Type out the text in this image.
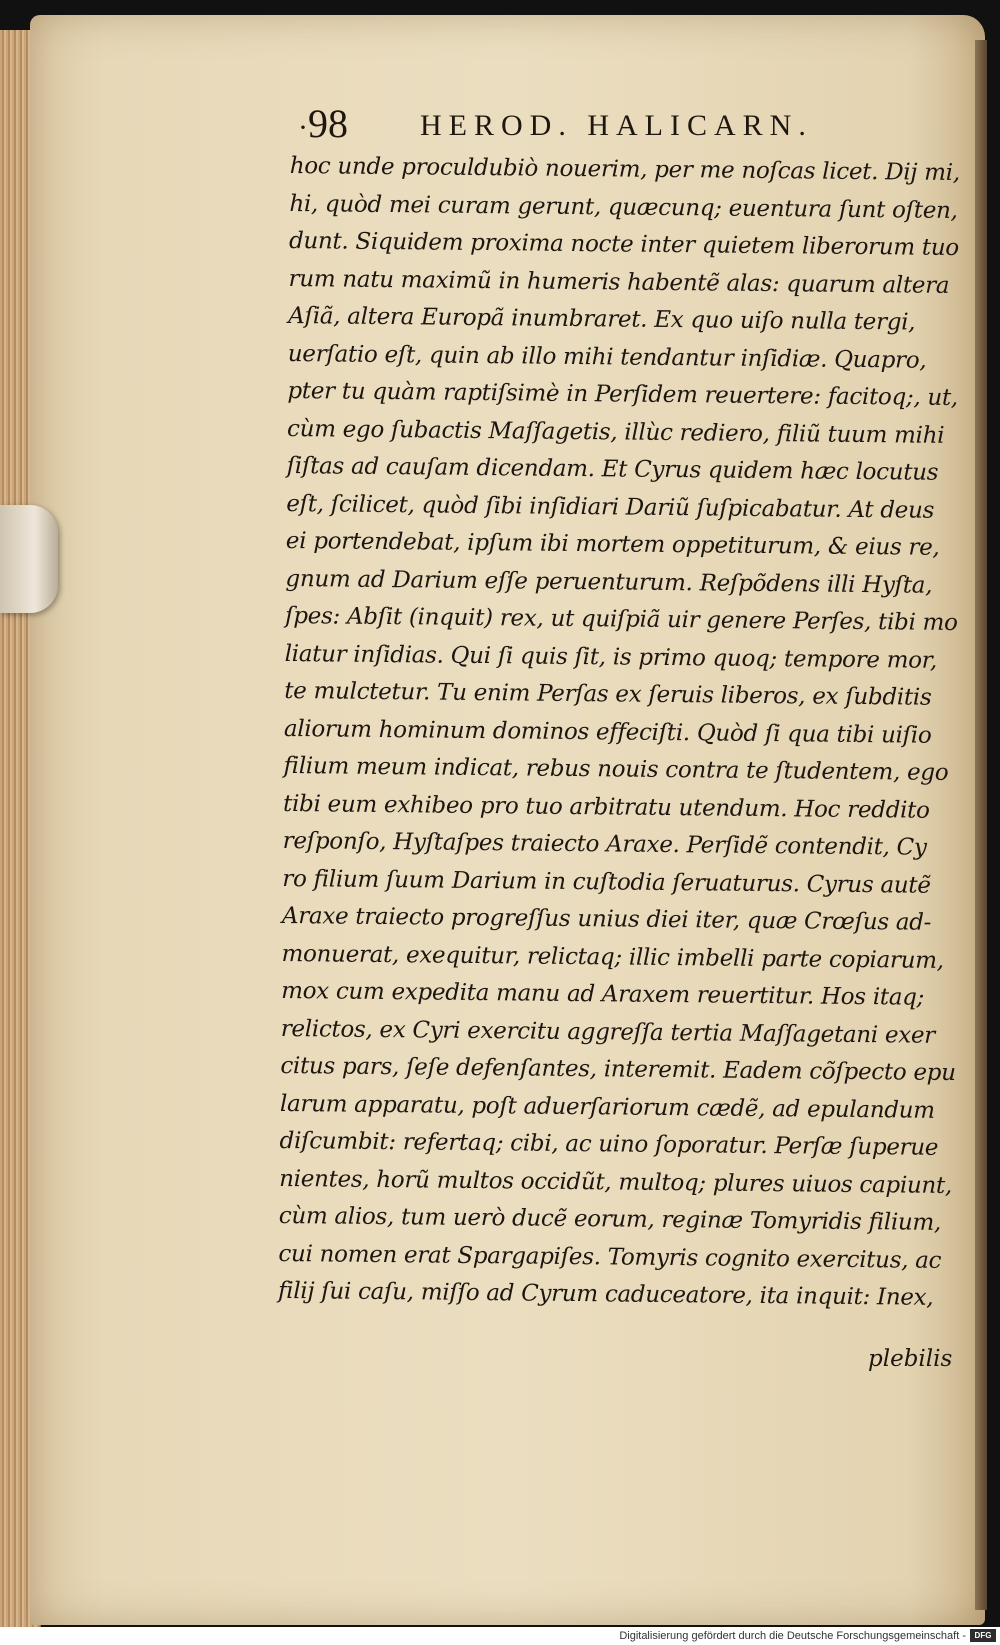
· 98 HEROD. HALICARN.
hoc unde proculdubiò nouerim, per me noſcas licet. Dij mi,
hi, quòd mei curam gerunt, quæcunq; euentura ſunt oſten,
dunt. Siquidem proxima nocte inter quietem liberorum tuo
rum natu maximũ in humeris habentẽ alas: quarum altera
Aſiã, altera Europã inumbraret. Ex quo uiſo nulla tergi,
uerſatio eſt, quin ab illo mihi tendantur inſidiæ. Quapro,
pter tu quàm raptiſsimè in Perſidem reuertere: facitoq;, ut,
cùm ego ſubactis Maſſagetis, illùc rediero, filiũ tuum mihi
ſiſtas ad cauſam dicendam. Et Cyrus quidem hæc locutus
eſt, ſcilicet, quòd ſibi inſidiari Dariũ ſuſpicabatur. At deus
ei portendebat, ipſum ibi mortem oppetiturum, & eius re,
gnum ad Darium eſſe peruenturum. Reſpõdens illi Hyſta,
ſpes: Abſit (inquit) rex, ut quiſpiã uir genere Perſes, tibi mo
liatur inſidias. Qui ſi quis ſit, is primo quoq; tempore mor,
te mulctetur. Tu enim Perſas ex ſeruis liberos, ex ſubditis
aliorum hominum dominos effeciſti. Quòd ſi qua tibi uiſio
filium meum indicat, rebus nouis contra te ſtudentem, ego
tibi eum exhibeo pro tuo arbitratu utendum. Hoc reddito
reſponſo, Hyſtaſpes traiecto Araxe. Perſidẽ contendit, Cy
ro filium ſuum Darium in cuſtodia ſeruaturus. Cyrus autẽ
Araxe traiecto progreſſus unius diei iter, quæ Crœſus ad-
monuerat, exequitur, relictaq; illic imbelli parte copiarum,
mox cum expedita manu ad Araxem reuertitur. Hos itaq;
relictos, ex Cyri exercitu aggreſſa tertia Maſſagetani exer
citus pars, ſeſe defenſantes, interemit. Eadem cõſpecto epu
larum apparatu, poſt aduerſariorum cædẽ, ad epulandum
diſcumbit: refertaq; cibi, ac uino ſoporatur. Perſæ ſuperue
nientes, horũ multos occidũt, multoq; plures uiuos capiunt,
cùm alios, tum uerò ducẽ eorum, reginæ Tomyridis filium,
cui nomen erat Spargapiſes. Tomyris cognito exercitus, ac
filij ſui caſu, miſſo ad Cyrum caduceatore, ita inquit: Inex,
plebilis
Digitalisierung gefördert durch die Deutsche Forschungsgemeinschaft -	DFG
